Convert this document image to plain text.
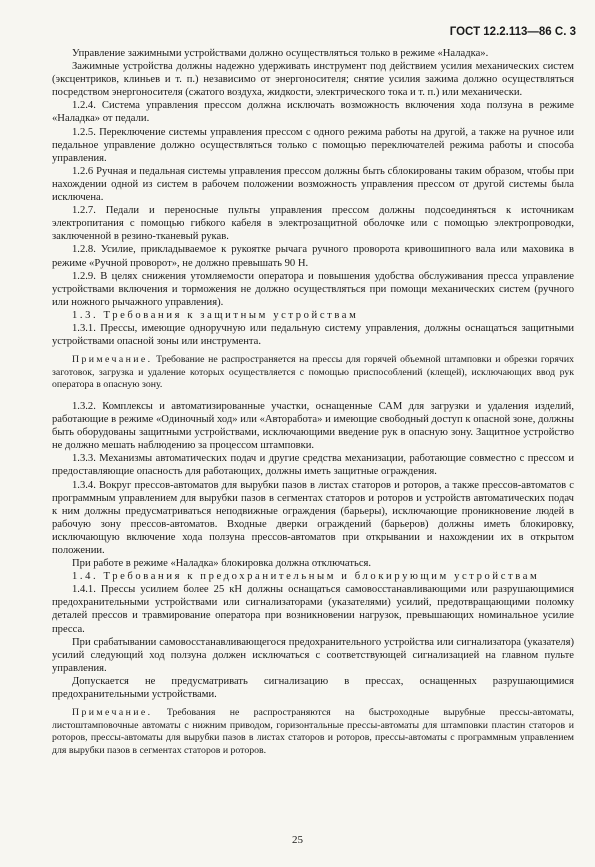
ГОСТ 12.2.113—86 С. 3

Управление зажимными устройствами должно осуществляться только в режиме «Наладка».

Зажимные устройства должны надежно удерживать инструмент под действием усилия механических систем (эксцентриков, клиньев и т. п.) независимо от энергоносителя; снятие усилия зажима должно осуществляться посредством энергоносителя (сжатого воздуха, жидкости, электрического тока и т. п.) или механически.

1.2.4. Система управления прессом должна исключать возможность включения хода ползуна в режиме «Наладка» от педали.

1.2.5. Переключение системы управления прессом с одного режима работы на другой, а также на ручное или педальное управление должно осуществляться только с помощью переключателей режима работы и способа управления.

1.2.6 Ручная и педальная системы управления прессом должны быть сблокированы таким образом, чтобы при нахождении одной из систем в рабочем положении возможность управления прессом от другой системы была исключена.

1.2.7. Педали и переносные пульты управления прессом должны подсоединяться к источникам электропитания с помощью гибкого кабеля в электрозащитной оболочке или с помощью электропроводки, заключенной в резино-тканевый рукав.

1.2.8. Усилие, прикладываемое к рукоятке рычага ручного проворота кривошипного вала или маховика в режиме «Ручной проворот», не должно превышать 90 Н.

1.2.9. В целях снижения утомляемости оператора и повышения удобства обслуживания пресса управление устройствами включения и торможения не должно осуществляться при помощи механических систем (ручного или ножного рычажного управления).

1.3. Требования к защитным устройствам

1.3.1. Прессы, имеющие одноручную или педальную систему управления, должны оснащаться защитными устройствами опасной зоны или инструмента.

Примечание. Требование не распространяется на прессы для горячей объемной штамповки и обрезки горячих заготовок, загрузка и удаление которых осуществляется с помощью приспособлений (клещей), исключающих ввод рук оператора в опасную зону.

1.3.2. Комплексы и автоматизированные участки, оснащенные САМ для загрузки и удаления изделий, работающие в режиме «Одиночный ход» или «Авторабота» и имеющие свободный доступ к опасной зоне, должны быть оборудованы защитными устройствами, исключающими введение рук в опасную зону. Защитное устройство не должно мешать наблюдению за процессом штамповки.

1.3.3. Механизмы автоматических подач и другие средства механизации, работающие совместно с прессом и предоставляющие опасность для работающих, должны иметь защитные ограждения.

1.3.4. Вокруг прессов-автоматов для вырубки пазов в листах статоров и роторов, а также прессов-автоматов с программным управлением для вырубки пазов в сегментах статоров и роторов и устройств автоматических подач к ним должны предусматриваться неподвижные ограждения (барьеры), исключающие проникновение людей в рабочую зону прессов-автоматов. Входные дверки ограждений (барьеров) должны иметь блокировку, исключающую включение хода ползуна прессов-автоматов при открывании и нахождении их в открытом положении.

При работе в режиме «Наладка» блокировка должна отключаться.

1.4. Требования к предохранительным и блокирующим устройствам

1.4.1. Прессы усилием более 25 кН должны оснащаться самовосстанавливающими или разрушающимися предохранительными устройствами или сигнализаторами (указателями) усилий, предотвращающими поломку деталей прессов и травмирование оператора при возникновении нагрузок, превышающих номинальное усилие пресса.

При срабатывании самовосстанавливающегося предохранительного устройства или сигнализатора (указателя) усилий следующий ход ползуна должен исключаться с соответствующей сигнализацией на главном пульте управления.

Допускается не предусматривать сигнализацию в прессах, оснащенных разрушающимися предохранительными устройствами.

Примечание. Требования не распространяются на быстроходные вырубные прессы-автоматы, листоштамповочные автоматы с нижним приводом, горизонтальные прессы-автоматы для штамповки пластин статоров и роторов, прессы-автоматы для вырубки пазов в листах статоров и роторов, прессы-автоматы с программным управлением для вырубки пазов в сегментах статоров и роторов.

25
